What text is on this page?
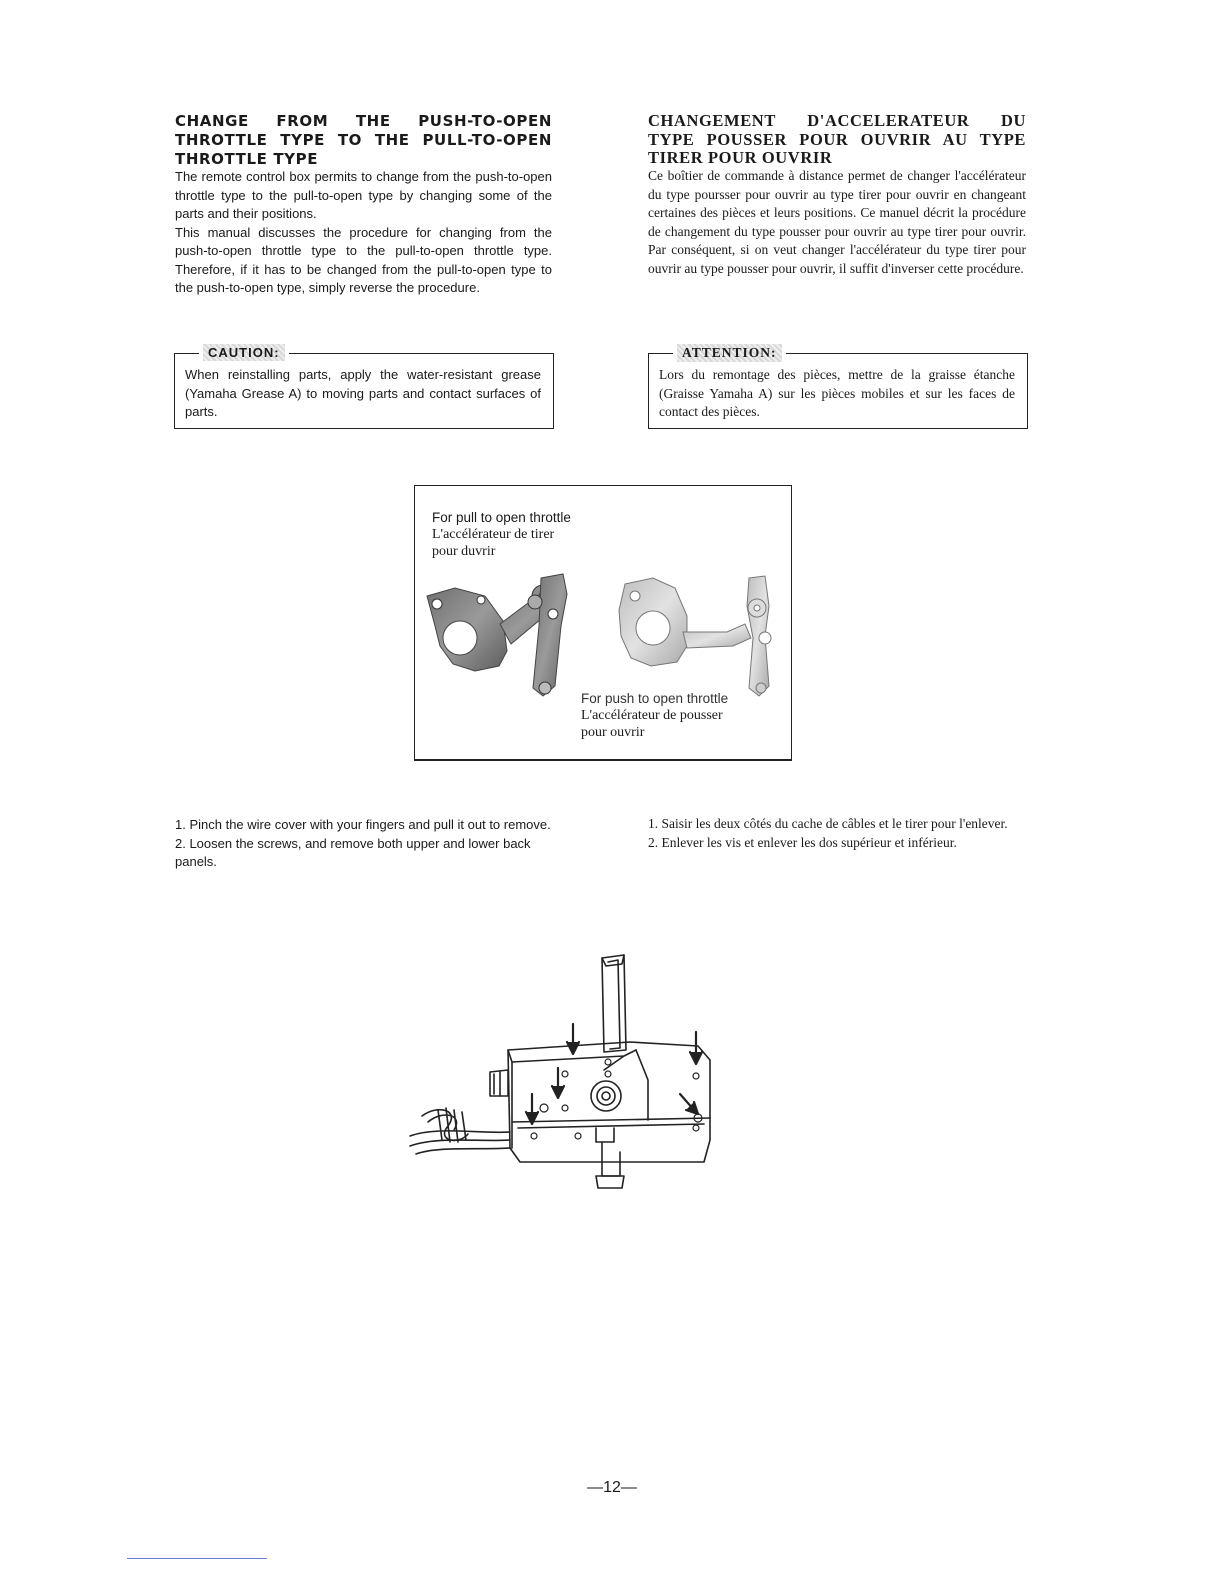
CHANGE FROM THE PUSH-TO-OPEN
THROTTLE TYPE TO THE PULL-TO-OPEN
THROTTLE TYPE
The remote control box permits to change from the push-to-open throttle type to the pull-to-open type by changing some of the parts and their positions.
This manual discusses the procedure for changing from the push-to-open throttle type to the pull-to-open throttle type. Therefore, if it has to be changed from the pull-to-open type to the push-to-open type, simply reverse the procedure.
CHANGEMENT D'ACCELERATEUR DU
TYPE POUSSER POUR OUVRIR AU TYPE
TIRER POUR OUVRIR
Ce boîtier de commande à distance permet de changer l'accélérateur du type poursser pour ouvrir au type tirer pour ouvrir en changeant certaines des pièces et leurs positions. Ce manuel décrit la procédure de changement du type pousser pour ouvrir au type tirer pour ouvrir. Par conséquent, si on veut changer l'accélérateur du type tirer pour ouvrir au type pousser pour ouvrir, il suffit d'inverser cette procédure.
CAUTION:
When reinstalling parts, apply the water-resistant grease (Yamaha Grease A) to moving parts and contact surfaces of parts.
ATTENTION:
Lors du remontage des pièces, mettre de la graisse étanche (Graisse Yamaha A) sur les pièces mobiles et sur les faces de contact des pièces.
For pull to open throttle
L'accélérateur de tirer
pour duvrir
For push to open throttle
L'accélérateur de pousser
pour ouvrir

1. Pinch the wire cover with your fingers and pull it out to remove.

2. Loosen the screws, and remove both upper and lower back panels.

1. Saisir les deux côtés du cache de câbles et le tirer pour l'enlever.

2. Enlever les vis et enlever les dos supérieur et inférieur.

—12—
